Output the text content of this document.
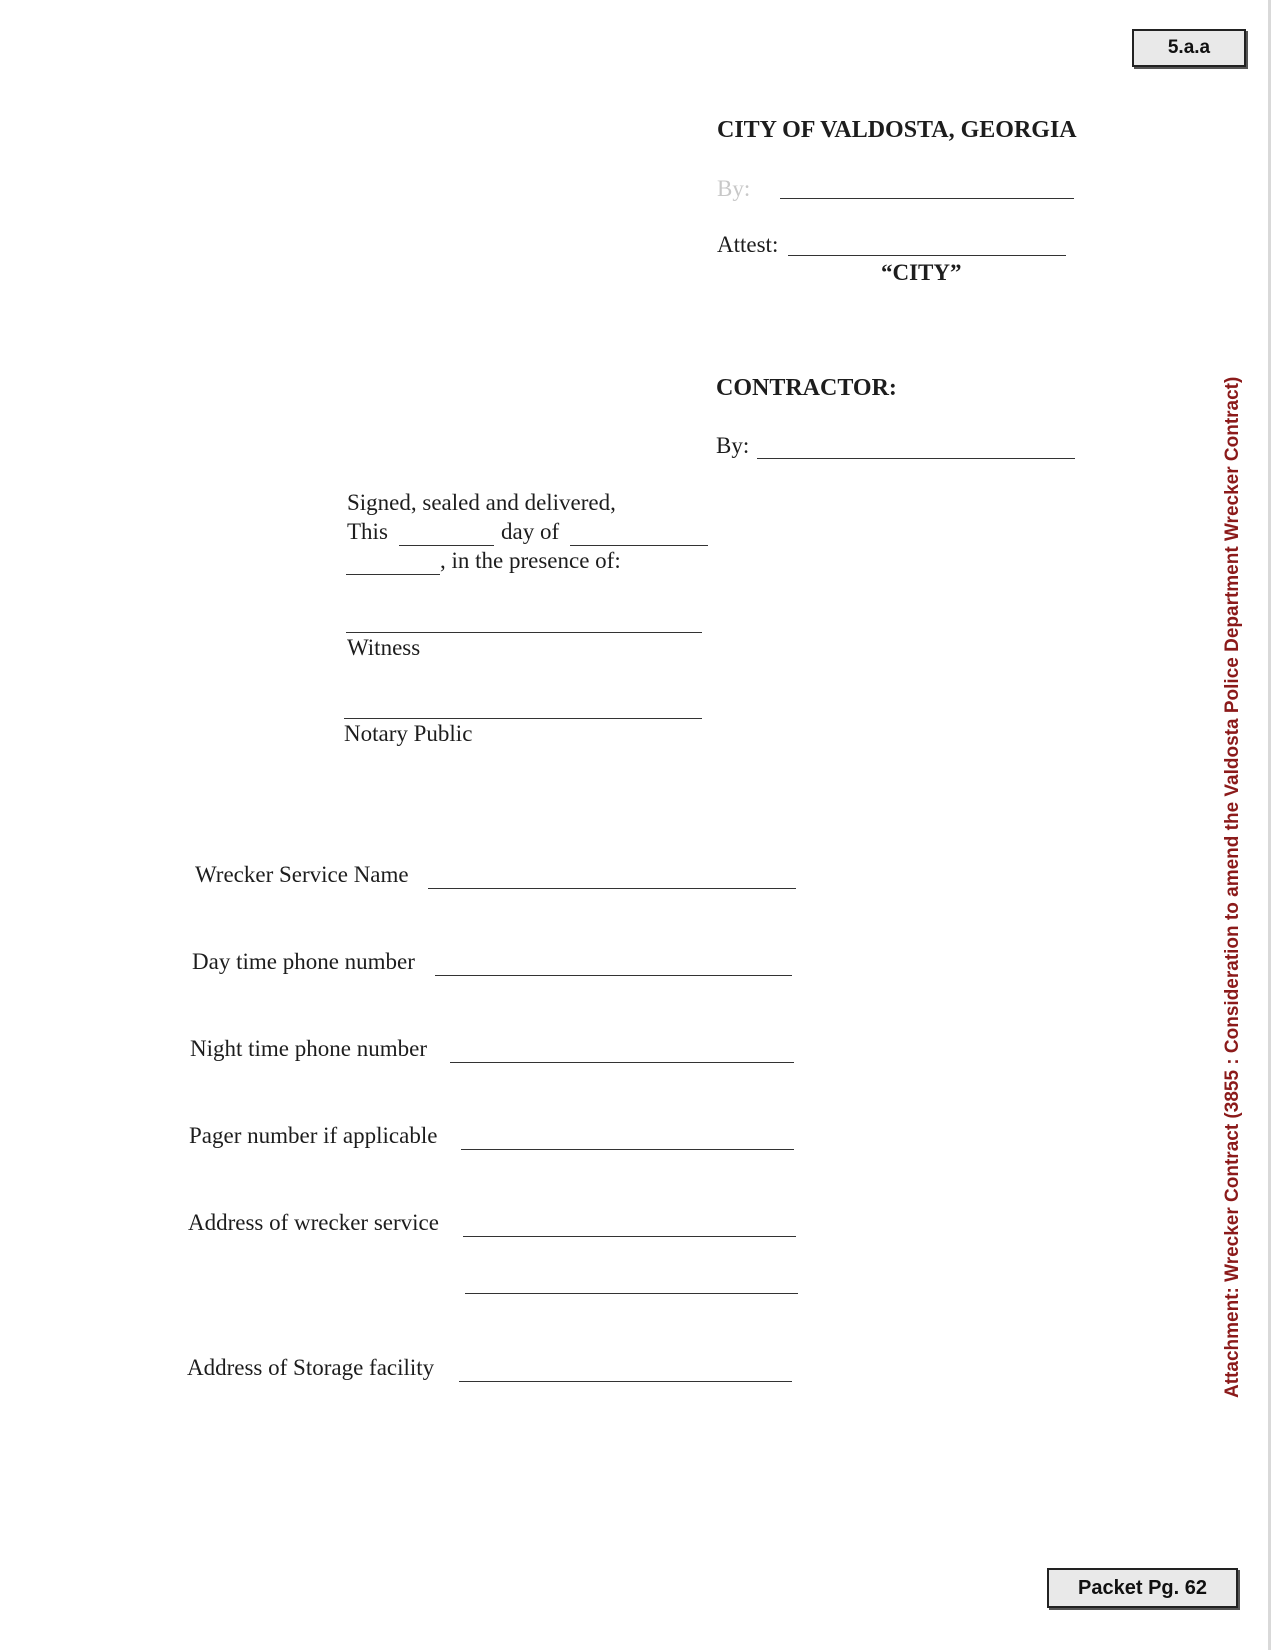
5.a.a
CITY OF VALDOSTA, GEORGIA
By:
Attest:
“CITY”
CONTRACTOR:
By:
Signed, sealed and delivered,
This	day of
, in the presence of:
Witness
Notary Public
Wrecker Service Name
Day time phone number
Night time phone number
Pager number if applicable
Address of wrecker service
Address of Storage facility	Attachment: Wrecker Contract (3855 : Consideration to amend the Valdosta Police Department Wrecker Contract)
Packet Pg. 62
